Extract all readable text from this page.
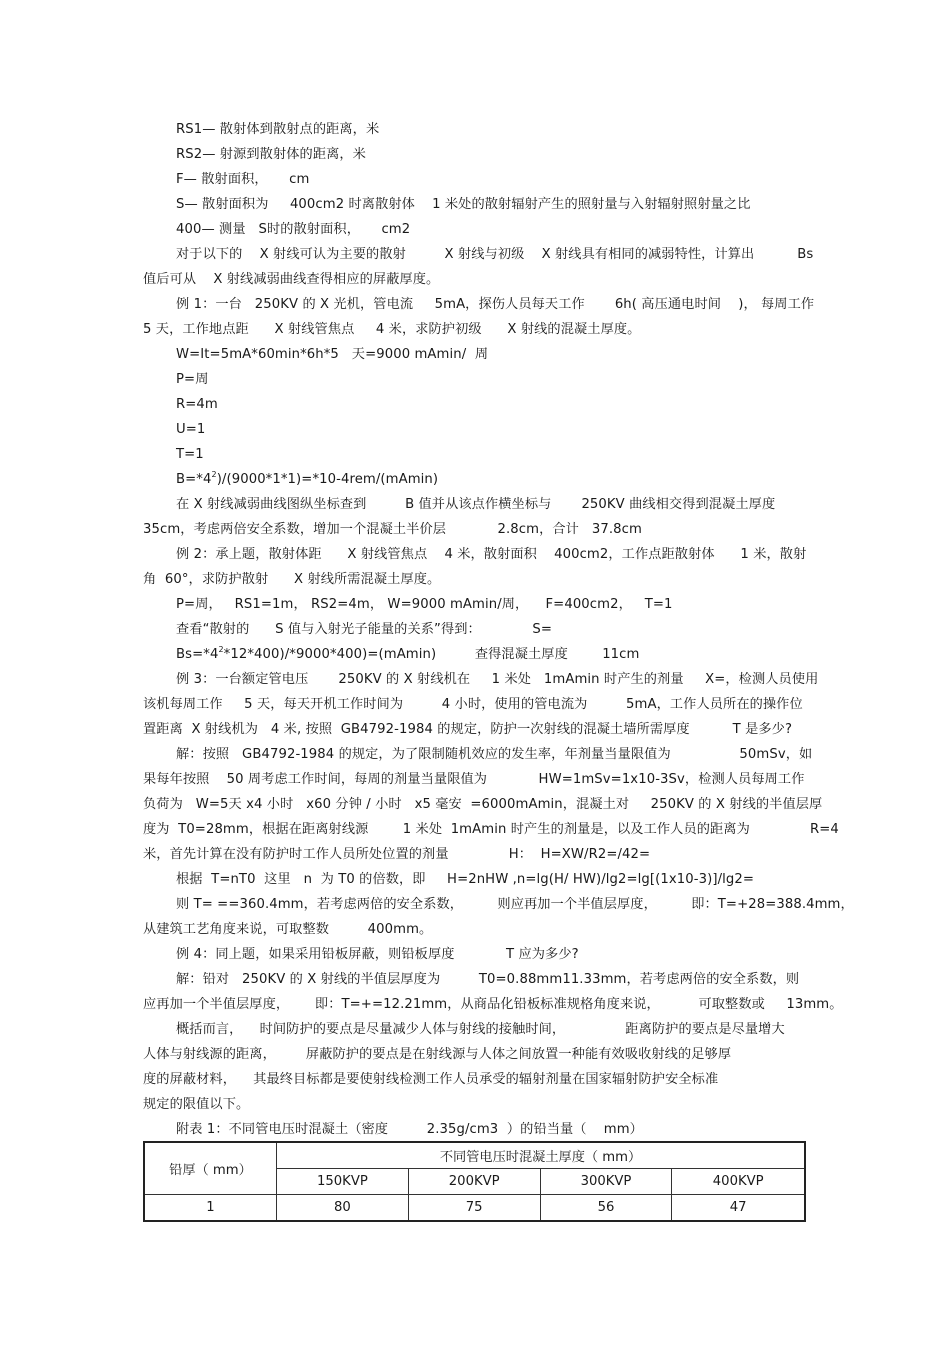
RS1— 散射体到散射点的距离，米
RS2— 射源到散射体的距离，米
F— 散射面积，     cm
S— 散射面积为     400cm2 时离散射体    1 米处的散射辐射产生的照射量与入射辐射照射量之比
400— 测量   S时的散射面积，     cm2
对于以下的    X 射线可认为主要的散射         X 射线与初级    X 射线具有相同的减弱特性，计算出          Bs
值后可从    X 射线减弱曲线查得相应的屏蔽厚度。
例 1：一台   250KV 的 X 光机，管电流     5mA，探伤人员每天工作       6h( 高压通电时间    )， 每周工作
5 天，工作地点距      X 射线管焦点     4 米，求防护初级      X 射线的混凝土厚度。
W=It=5mA*60min*6h*5   天=9000 mAmin/  周
P=周
R=4m
U=1
T=1
$B=*4^2)/(9000*1*1)=*10-4rem/(mAmin)$
在 X 射线减弱曲线图纵坐标查到         B 值并从该点作横坐标与       250KV 曲线相交得到混凝土厚度
35cm，考虑两倍安全系数，增加一个混凝土半价层            2.8cm，合计   37.8cm
例 2：承上题，散射体距      X 射线管焦点    4 米，散射面积    400cm2，工作点距散射体      1 米，散射
角  60°，求防护散射      X 射线所需混凝土厚度。
P=周，   RS1=1m， RS2=4m， W=9000 mAmin/周，    F=400cm2，   T=1
查看“散射的      S 值与入射光子能量的关系”得到：            S=
$Bs=*4^2*12*400)/*9000*400)=(mAmin)$         查得混凝土厚度        11cm
例 3：一台额定管电压       250KV 的 X 射线机在     1 米处   1mAmin 时产生的剂量     X=，检测人员使用
该机每周工作     5 天，每天开机工作时间为         4 小时，使用的管电流为         5mA，工作人员所在的操作位
置距离  X 射线机为   4 米, 按照  GB4792-1984 的规定，防护一次射线的混凝土墙所需厚度          T 是多少?
解：按照   GB4792-1984 的规定，为了限制随机效应的发生率，年剂量当量限值为                50mSv，如
果每年按照    50 周考虑工作时间，每周的剂量当量限值为            HW=1mSv=1x10-3Sv，检测人员每周工作
负荷为   W=5天 x4 小时   x60 分钟 / 小时   x5 毫安  =6000mAmin，混凝土对     250KV 的 X 射线的半值层厚
度为  T0=28mm，根据在距离射线源        1 米处  1mAmin 时产生的剂量是，以及工作人员的距离为              R=4
米，首先计算在没有防护时工作人员所处位置的剂量              H：  H=XW/R2=/42=
根据  T=nT0  这里   n  为 T0 的倍数，即     H=2nHW ,n=lg(H/ HW)/lg2=lg[(1x10-3)]/lg2=
则 T= ==360.4mm，若考虑两倍的安全系数，        则应再加一个半值层厚度，        即：T=+28=388.4mm，
从建筑工艺角度来说，可取整数         400mm。
例 4：同上题，如果采用铅板屏蔽，则铅板厚度            T 应为多少?
解：铅对   250KV 的 X 射线的半值层厚度为         T0=0.88mm11.33mm，若考虑两倍的安全系数，则
应再加一个半值层厚度，      即：T=+=12.21mm，从商品化铅板标准规格角度来说，         可取整数或     13mm。
概括而言，    时间防护的要点是尽量减少人体与射线的接触时间，              距离防护的要点是尽量增大
人体与射线源的距离，       屏蔽防护的要点是在射线源与人体之间放置一种能有效吸收射线的足够厚
度的屏蔽材料，    其最终目标都是要使射线检测工作人员承受的辐射剂量在国家辐射防护安全标准
规定的限值以下。
附表 1：不同管电压时混凝土（密度         2.35g/cm3  ）的铅当量（    mm）
铅厚（ mm）	不同管电压时混凝土厚度（ mm）			
	150KVP	200KVP	300KVP	400KVP
1	80	75	56	47
